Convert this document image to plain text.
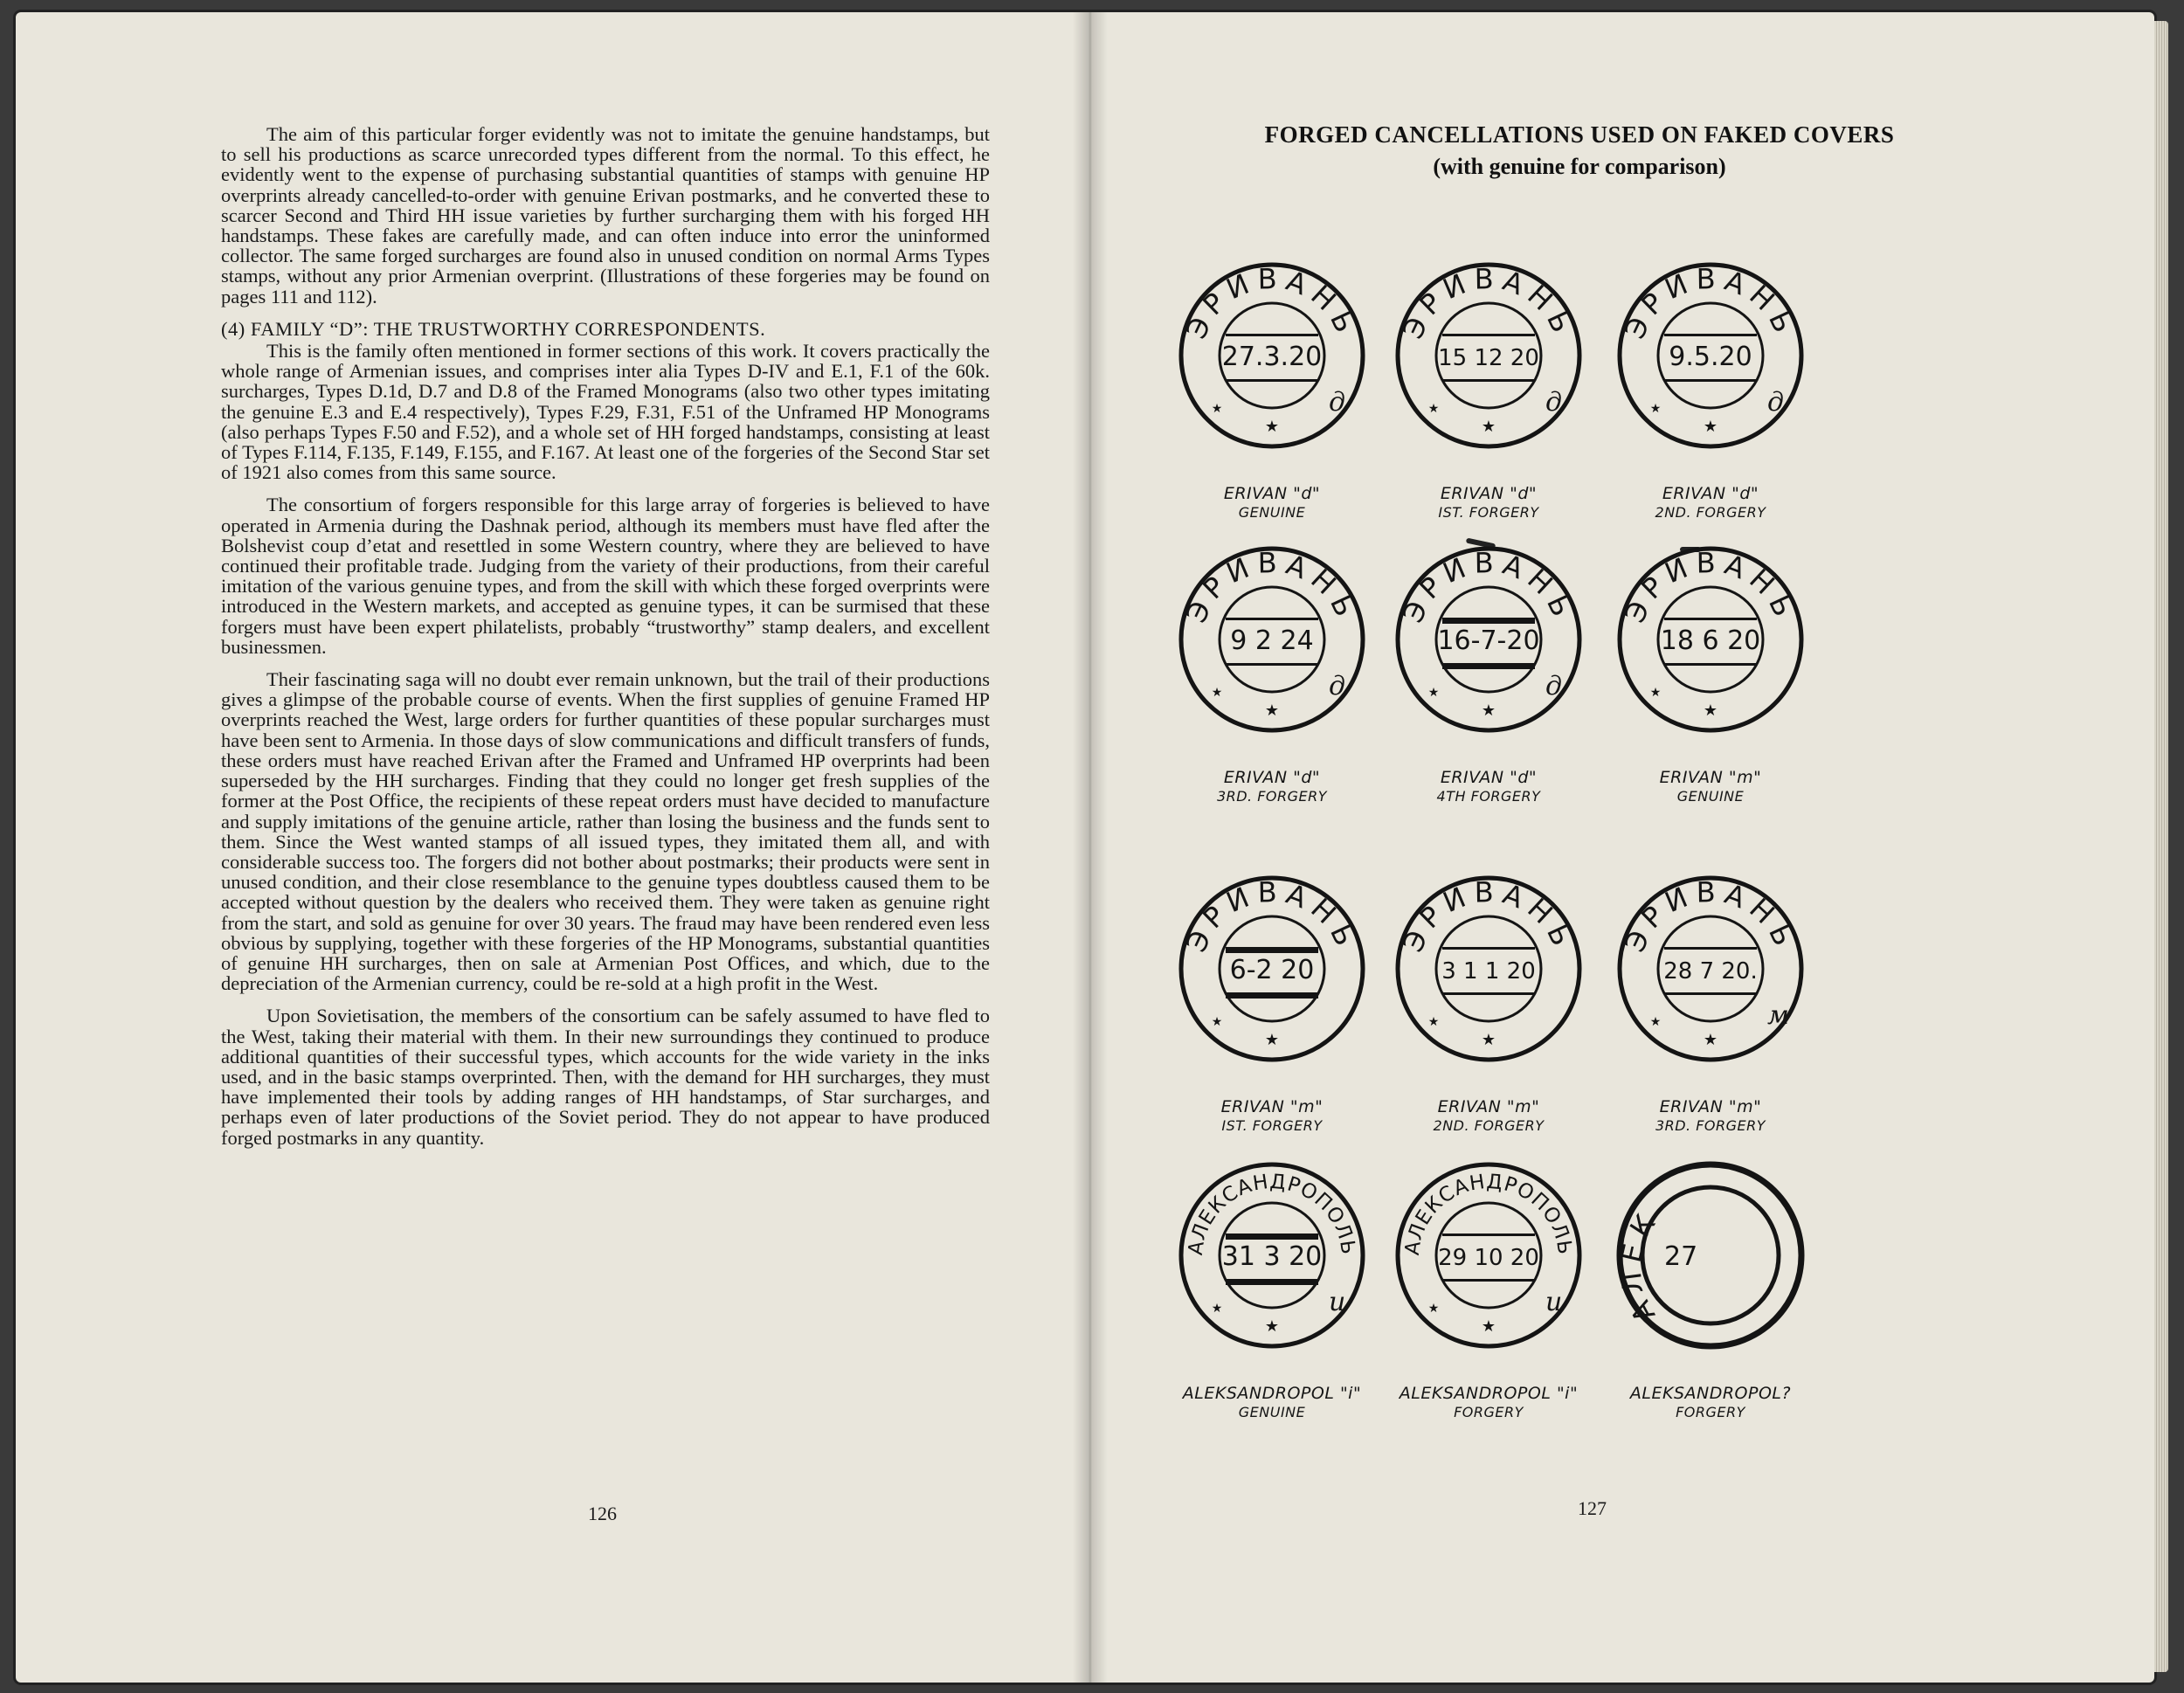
The aim of this particular forger evidently was not to imitate the genuine handstamps, but to sell his productions as scarce unrecorded types different from the normal. To this effect, he evidently went to the expense of purchasing substantial quantities of stamps with genuine HP overprints already cancelled-to-order with genuine Erivan postmarks, and he converted these to scarcer Second and Third HH issue varieties by further surcharging them with his forged HH handstamps. These fakes are carefully made, and can often induce into error the uninformed collector. The same forged surcharges are found also in unused condition on normal Arms Types stamps, without any prior Armenian overprint. (Illustrations of these forgeries may be found on pages 111 and 112).

(4) FAMILY “D”: THE TRUSTWORTHY CORRESPONDENTS.

This is the family often mentioned in former sections of this work. It covers practically the whole range of Armenian issues, and comprises inter alia Types D-IV and E.1, F.1 of the 60k. surcharges, Types D.1d, D.7 and D.8 of the Framed Monograms (also two other types imitating the genuine E.3 and E.4 respectively), Types F.29, F.31, F.51 of the Unframed HP Monograms (also perhaps Types F.50 and F.52), and a whole set of HH forged handstamps, consisting at least of Types F.114, F.135, F.149, F.155, and F.167. At least one of the forgeries of the Second Star set of 1921 also comes from this same source.

The consortium of forgers responsible for this large array of forgeries is believed to have operated in Armenia during the Dashnak period, although its members must have fled after the Bolshevist coup d’etat and resettled in some Western country, where they are believed to have continued their profitable trade. Judging from the variety of their productions, from their careful imitation of the various genuine types, and from the skill with which these forged overprints were introduced in the Western markets, and accepted as genuine types, it can be surmised that these forgers must have been expert philatelists, probably “trustworthy” stamp dealers, and excellent businessmen.

Their fascinating saga will no doubt ever remain unknown, but the trail of their productions gives a glimpse of the probable course of events. When the first supplies of genuine Framed HP overprints reached the West, large orders for further quantities of these popular surcharges must have been sent to Armenia. In those days of slow communications and difficult transfers of funds, these orders must have reached Erivan after the Framed and Unframed HP overprints had been superseded by the HH surcharges. Finding that they could no longer get fresh supplies of the former at the Post Office, the recipients of these repeat orders must have decided to manufacture and supply imitations of the genuine article, rather than losing the business and the funds sent to them. Since the West wanted stamps of all issued types, they imitated them all, and with considerable success too. The forgers did not bother about postmarks; their products were sent in unused condition, and their close resemblance to the genuine types doubtless caused them to be accepted without question by the dealers who received them. They were taken as genuine right from the start, and sold as genuine for over 30 years. The fraud may have been rendered even less obvious by supplying, together with these forgeries of the HP Monograms, substantial quantities of genuine HH surcharges, then on sale at Armenian Post Offices, and which, due to the depreciation of the Armenian currency, could be re-sold at a high profit in the West.

Upon Sovietisation, the members of the consortium can be safely assumed to have fled to the West, taking their material with them. In their new surroundings they continued to produce additional quantities of their successful types, which accounts for the wide variety in the inks used, and in the basic stamps overprinted. Then, with the demand for HH surcharges, they must have implemented their tools by adding ranges of HH handstamps, of Star surcharges, and perhaps even of later productions of the Soviet period. They do not appear to have produced forged postmarks in any quantity.

126
FORGED CANCELLATIONS USED ON FAKED COVERS
(with genuine for comparison)
ЭРИВАНЬ
27.3.20
★
★	д
ERIVAN "d"
GENUINE
ЭРИВАНЬ
15 12 20
★
★	д
ERIVAN "d"
IST. FORGERY
ЭРИВАНЬ
9.5.20
★
★	д
ERIVAN "d"
2ND. FORGERY
ЭРИВАНЬ
9 2 24
★
★	д
ERIVAN "d"
3RD. FORGERY
ЭРИВАНЬ
16-7-20
★
★	д
ERIVAN "d"
4TH FORGERY
ЭРИВАНЬ
18 6 20
★
★
ERIVAN "m"
GENUINE
ЭРИВАНЬ
6-2 20
★
★
ERIVAN "m"
IST. FORGERY
ЭРИВАНЬ
3 1 1 20
★
★
ERIVAN "m"
2ND. FORGERY
ЭРИВАНЬ
28 7 20.
★
★	м
ERIVAN "m"
3RD. FORGERY
АЛЕКСАНДРОПОЛЬ
31 3 20
★
★	и
ALEKSANDROPOL "i"
GENUINE
АЛЕКСАНДРОПОЛЬ
29 10 20
★
★	и
ALEKSANDROPOL "i"
FORGERY
АЛЕК
27
ALEKSANDROPOL?
FORGERY
127
